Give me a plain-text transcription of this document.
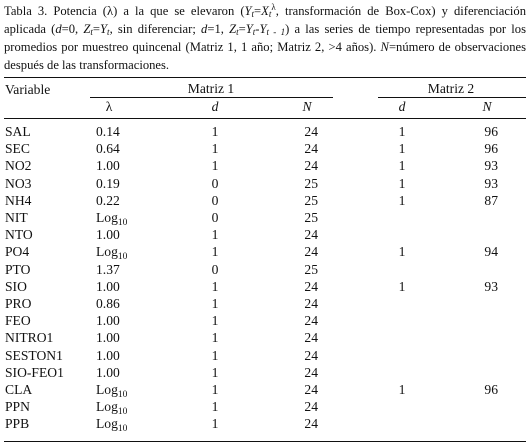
Tabla 3. Potencia (λ) a la que se elevaron ($Y_t=X_t^\lambda$, transformación de Box-Cox) y diferenciación aplicada (d=0, $Z_t=Y_t$, sin diferenciar; d=1, $Z_t=Y_t-Y_{t - 1}$) a las series de tiempo representadas por los promedios por muestreo quincenal (Matriz 1, 1 año; Matriz 2, >4 años). N=número de observaciones después de las transformaciones.
Variable	Matriz 1	Matriz 2
λ	d	N	d	N
SAL	0.14	1	24	1	96
SEC	0.64	1	24	1	96
NO2	1.00	1	24	1	93
NO3	0.19	0	25	1	93
NH4	0.22	0	25	1	87
NIT	Log$_{10}$	0	25
NTO	1.00	1	24
PO4	Log$_{10}$	1	24	1	94
PTO	1.37	0	25
SIO	1.00	1	24	1	93
PRO	0.86	1	24
FEO	1.00	1	24
NITRO1	1.00	1	24
SESTON1	1.00	1	24
SIO-FEO1	1.00	1	24
CLA	Log$_{10}$	1	24	1	96
PPN	Log$_{10}$	1	24
PPB	Log$_{10}$	1	24
